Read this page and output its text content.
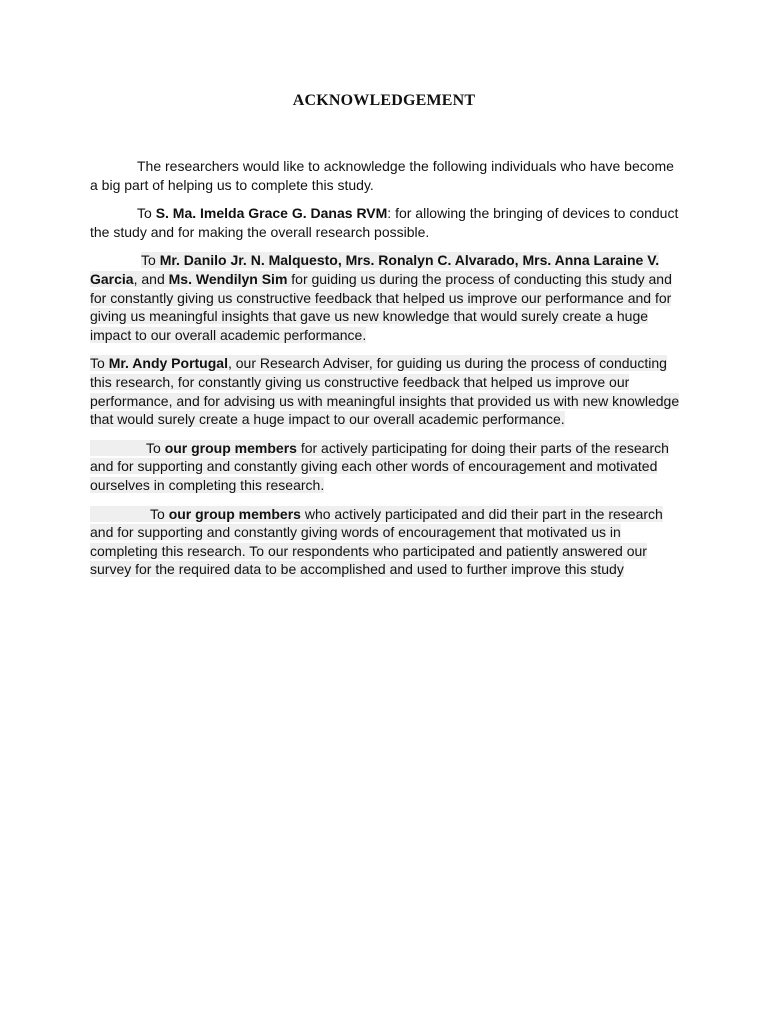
ACKNOWLEDGEMENT

The researchers would like to acknowledge the following individuals who have become a big part of helping us to complete this study.

To S. Ma. Imelda Grace G. Danas RVM: for allowing the bringing of devices to conduct the study and for making the overall research possible.

To Mr. Danilo Jr. N. Malquesto, Mrs. Ronalyn C. Alvarado, Mrs. Anna Laraine V. Garcia, and Ms. Wendilyn Sim for guiding us during the process of conducting this study and for constantly giving us constructive feedback that helped us improve our performance and for giving us meaningful insights that gave us new knowledge that would surely create a huge impact to our overall academic performance.

To Mr. Andy Portugal, our Research Adviser, for guiding us during the process of conducting this research, for constantly giving us constructive feedback that helped us improve our performance, and for advising us with meaningful insights that provided us with new knowledge that would surely create a huge impact to our overall academic performance.

To our group members for actively participating for doing their parts of the research and for supporting and constantly giving each other words of encouragement and motivated ourselves in completing this research.

To our group members who actively participated and did their part in the research and for supporting and constantly giving words of encouragement that motivated us in completing this research. To our respondents who participated and patiently answered our survey for the required data to be accomplished and used to further improve this study
